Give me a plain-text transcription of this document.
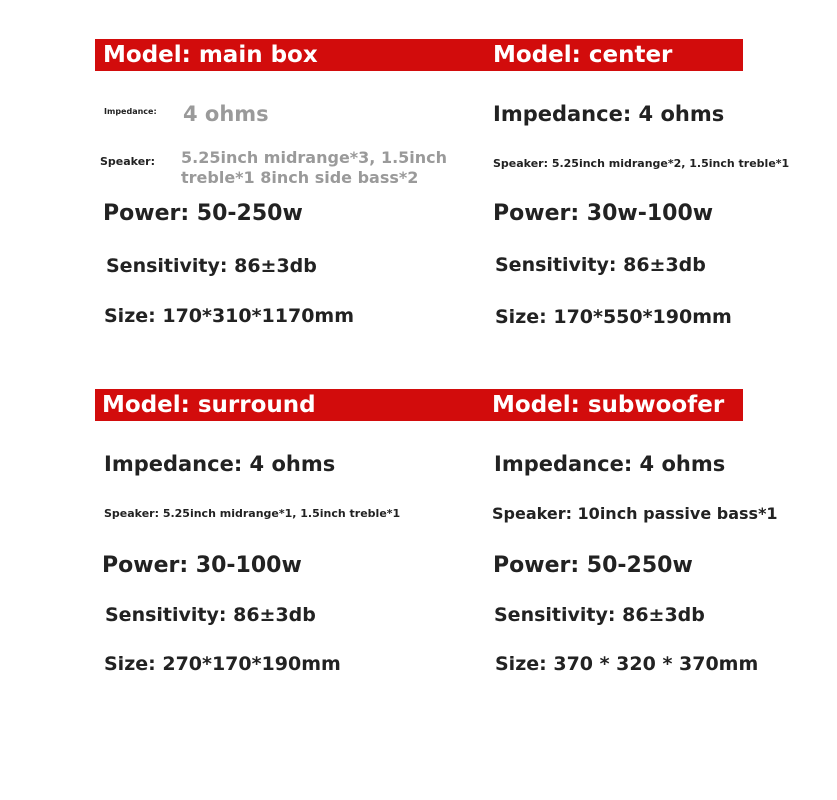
Model: main box	Model: center
Impedance: 4 ohms
Speaker: 5.25inch midrange*3, 1.5inch
treble*1 8inch side bass*2
Power: 50-250w
Sensitivity: 86±3db
Size: 170*310*1170mm
Impedance: 4 ohms
Speaker: 5.25inch midrange*2, 1.5inch treble*1
Power: 30w-100w
Sensitivity: 86±3db
Size: 170*550*190mm
Model: surround	Model: subwoofer
Impedance: 4 ohms
Speaker: 5.25inch midrange*1, 1.5inch treble*1
Power: 30-100w
Sensitivity: 86±3db
Size: 270*170*190mm
Impedance: 4 ohms
Speaker: 10inch passive bass*1
Power: 50-250w
Sensitivity: 86±3db
Size: 370 * 320 * 370mm
